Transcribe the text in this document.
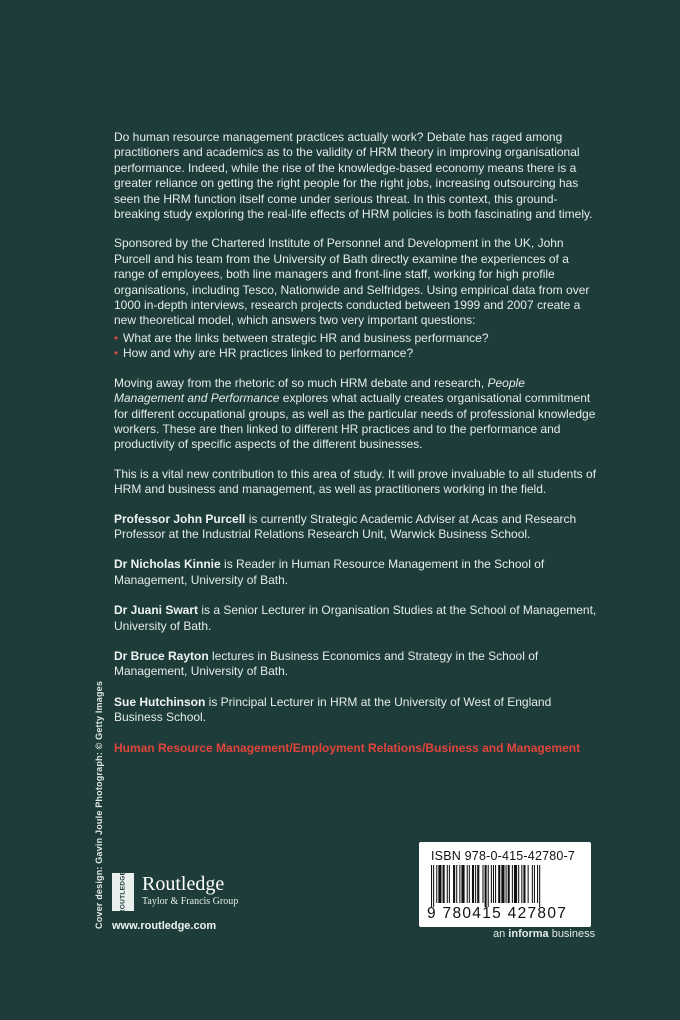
Do human resource management practices actually work? Debate has raged among practitioners and academics as to the validity of HRM theory in improving organisational performance. Indeed, while the rise of the knowledge-based economy means there is a greater reliance on getting the right people for the right jobs, increasing outsourcing has seen the HRM function itself come under serious threat. In this context, this ground-breaking study exploring the real-life effects of HRM policies is both fascinating and timely.

Sponsored by the Chartered Institute of Personnel and Development in the UK, John Purcell and his team from the University of Bath directly examine the experiences of a range of employees, both line managers and front-line staff, working for high profile organisations, including Tesco, Nationwide and Selfridges. Using empirical data from over 1000 in-depth interviews, research projects conducted between 1999 and 2007 create a new theoretical model, which answers two very important questions:

• What are the links between strategic HR and business performance?
• How and why are HR practices linked to performance?

Moving away from the rhetoric of so much HRM debate and research, People Management and Performance explores what actually creates organisational commitment for different occupational groups, as well as the particular needs of professional knowledge workers. These are then linked to different HR practices and to the performance and productivity of specific aspects of the different businesses.

This is a vital new contribution to this area of study. It will prove invaluable to all students of HRM and business and management, as well as practitioners working in the field.

Professor John Purcell is currently Strategic Academic Adviser at Acas and Research Professor at the Industrial Relations Research Unit, Warwick Business School.

Dr Nicholas Kinnie is Reader in Human Resource Management in the School of Management, University of Bath.

Dr Juani Swart is a Senior Lecturer in Organisation Studies at the School of Management, University of Bath.

Dr Bruce Rayton lectures in Business Economics and Strategy in the School of Management, University of Bath.

Sue Hutchinson is Principal Lecturer in HRM at the University of West of England Business School.

Human Resource Management/Employment Relations/Business and Management
Cover design: Gavin Joule Photograph: © Getty Images ROUTLEDGE Routledge
Taylor & Francis Group
www.routledge.com
ISBN 978-0-415-42780-7
9 780415 427807
an informa business
